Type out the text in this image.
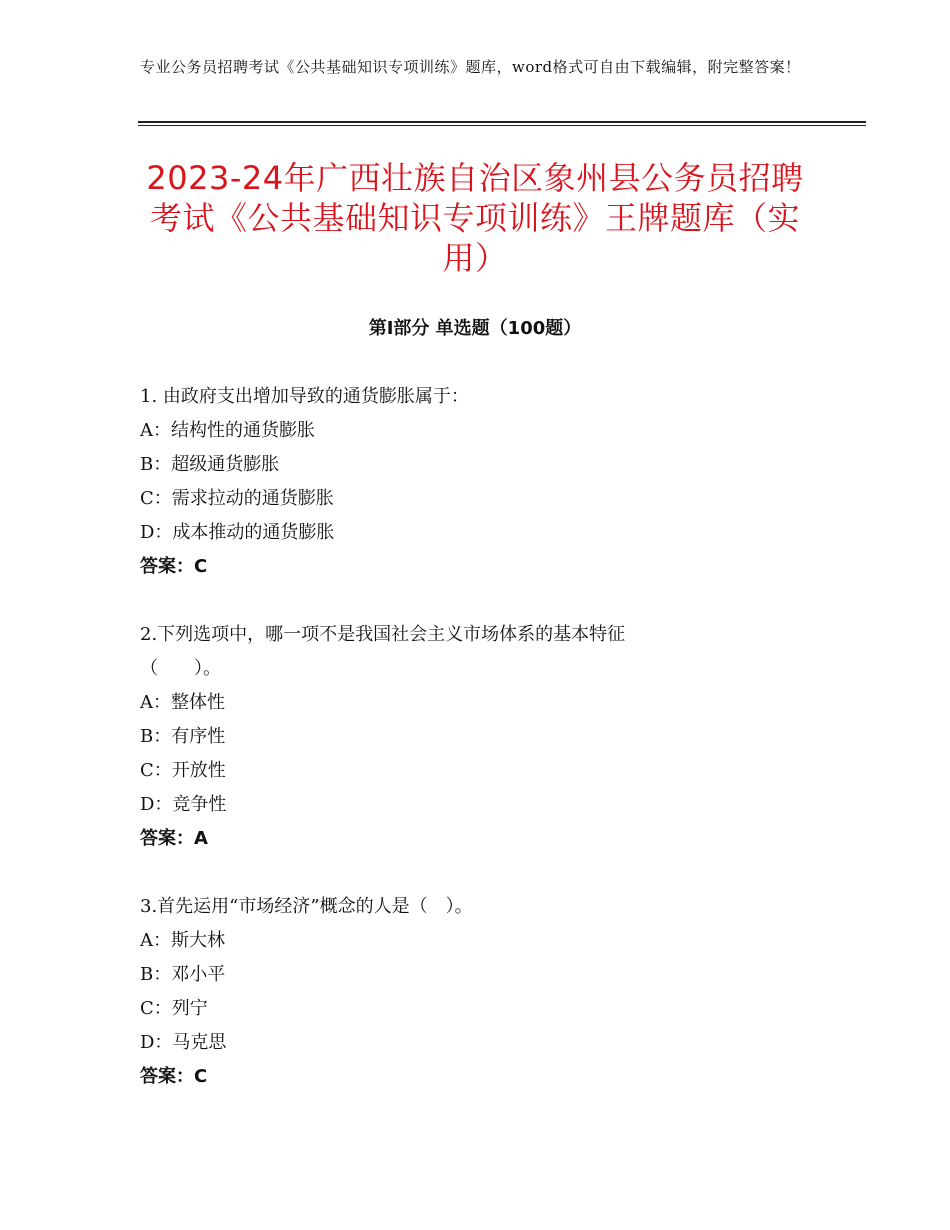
专业公务员招聘考试《公共基础知识专项训练》题库，word格式可自由下载编辑，附完整答案！
2023-24年广西壮族自治区象州县公务员招聘考试《公共基础知识专项训练》王牌题库（实用）
第Ⅰ部分 单选题（100题）
1. 由政府支出增加导致的通货膨胀属于：
A：结构性的通货膨胀
B：超级通货膨胀
C：需求拉动的通货膨胀
D：成本推动的通货膨胀
答案：C
2.下列选项中，哪一项不是我国社会主义市场体系的基本特征
（　　）。
A：整体性
B：有序性
C：开放性
D：竞争性
答案：A
3.首先运用“市场经济”概念的人是（　）。
A：斯大林
B：邓小平
C：列宁
D：马克思
答案：C
